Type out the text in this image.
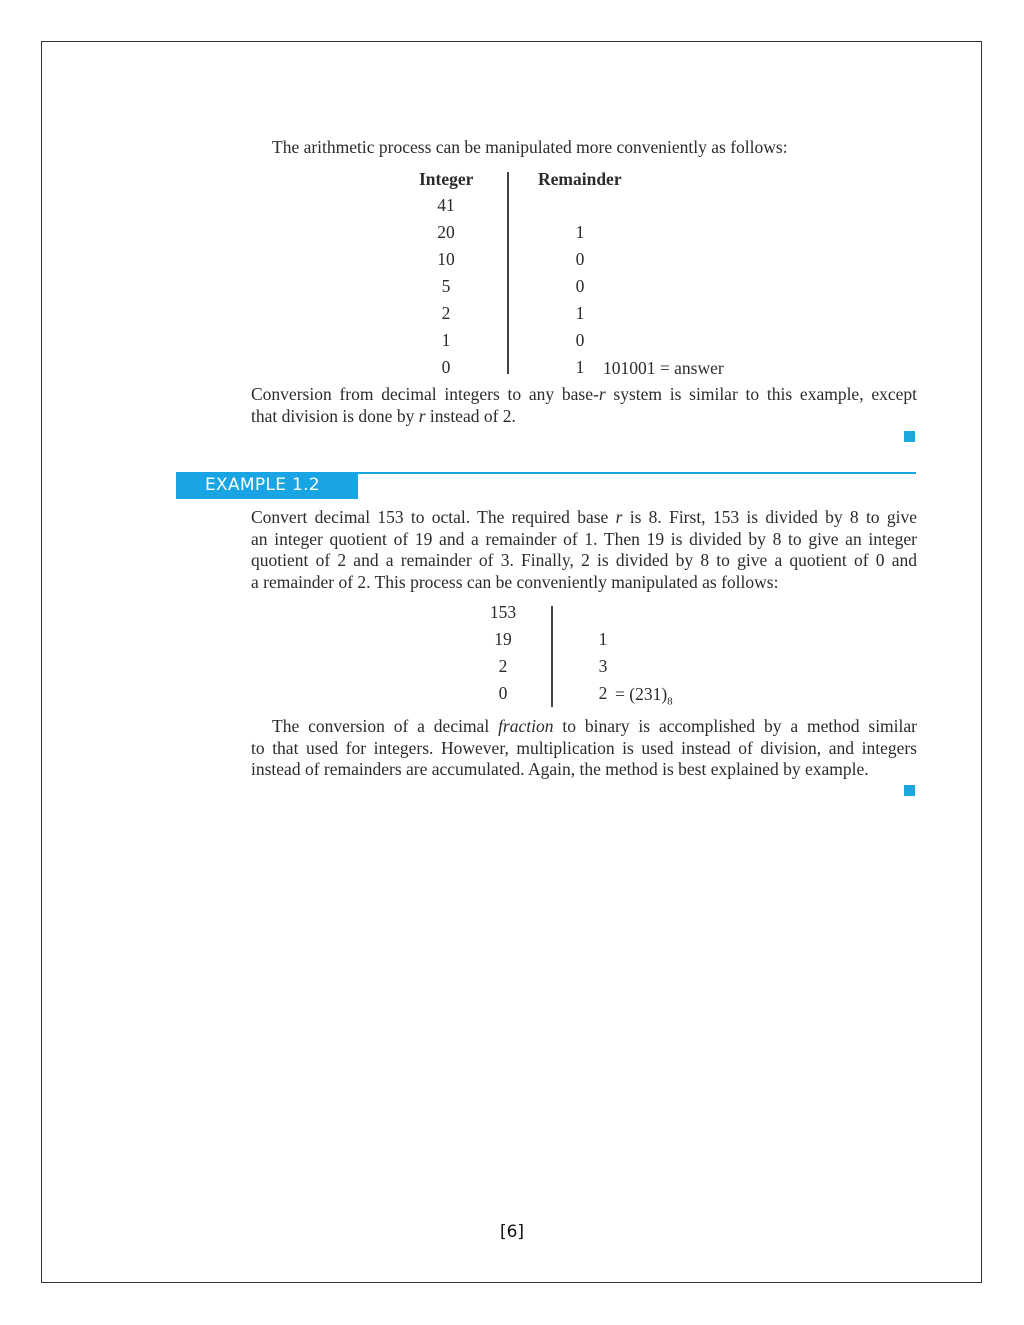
The arithmetic process can be manipulated more conveniently as follows:
Integer	Remainder
41
20
10
5
2
1
0
1
0
0
1
0
1	101001 = answer
Conversion from decimal integers to any base-r system is similar to this example, except
that division is done by r instead of 2.
EXAMPLE 1.2
Convert decimal 153 to octal. The required base r is 8. First, 153 is divided by 8 to give
an integer quotient of 19 and a remainder of 1. Then 19 is divided by 8 to give an integer
quotient of 2 and a remainder of 3. Finally, 2 is divided by 8 to give a quotient of 0 and
a remainder of 2. This process can be conveniently manipulated as follows:
153
19
2
0
1
3
$2 = (231)_8$
The conversion of a decimal fraction to binary is accomplished by a method similar
to that used for integers. However, multiplication is used instead of division, and integers
instead of remainders are accumulated. Again, the method is best explained by example.
[6]
